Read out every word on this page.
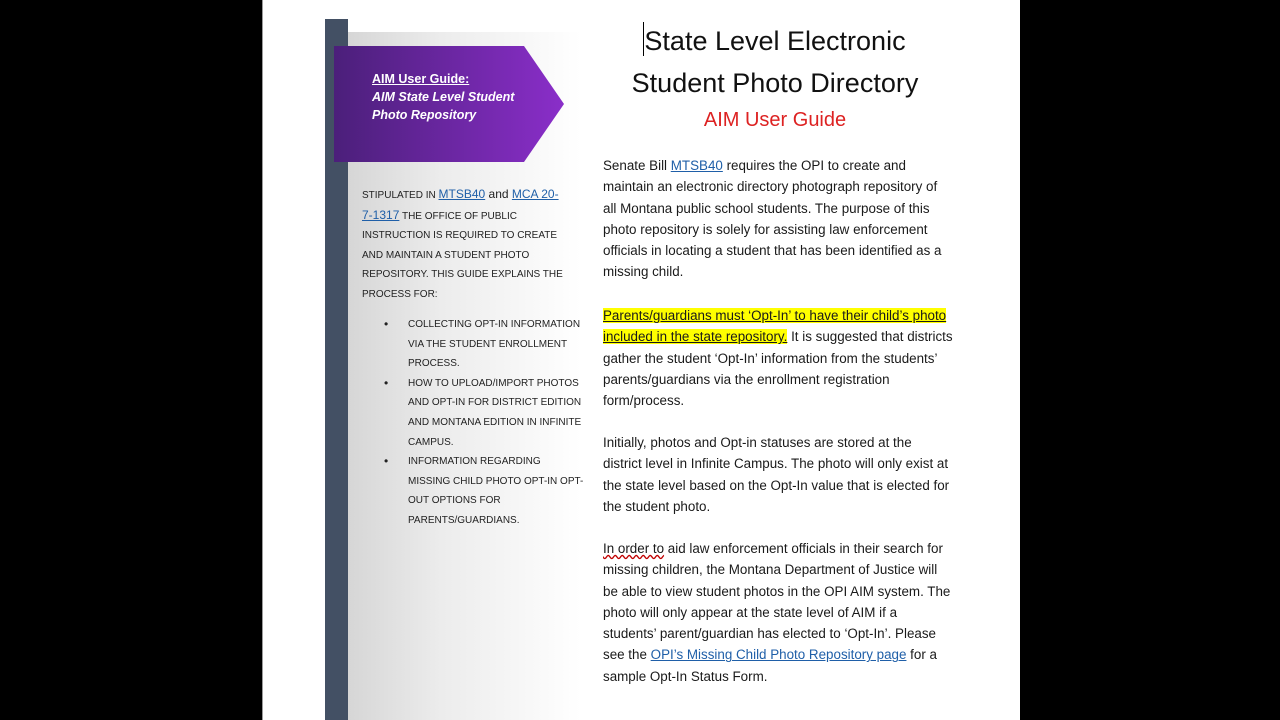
AIM User Guide:
AIM State Level Student Photo Repository
STIPULATED IN MTSB40 and MCA 20-7-1317 THE OFFICE OF PUBLIC INSTRUCTION IS REQUIRED TO CREATE AND MAINTAIN A STUDENT PHOTO REPOSITORY. THIS GUIDE EXPLAINS THE PROCESS FOR:
• COLLECTING OPT-IN INFORMATION VIA THE STUDENT ENROLLMENT PROCESS.
• HOW TO UPLOAD/IMPORT PHOTOS AND OPT-IN FOR DISTRICT EDITION AND MONTANA EDITION IN INFINITE CAMPUS.
• INFORMATION REGARDING MISSING CHILD PHOTO OPT-IN OPT-OUT OPTIONS FOR PARENTS/GUARDIANS.
State Level Electronic Student Photo Directory
AIM User Guide
Senate Bill MTSB40 requires the OPI to create and maintain an electronic directory photograph repository of all Montana public school students. The purpose of this photo repository is solely for assisting law enforcement officials in locating a student that has been identified as a missing child.
Parents/guardians must ‘Opt-In’ to have their child’s photo included in the state repository. It is suggested that districts gather the student ‘Opt-In’ information from the students’ parents/guardians via the enrollment registration form/process.
Initially, photos and Opt-in statuses are stored at the district level in Infinite Campus. The photo will only exist at the state level based on the Opt-In value that is elected for the student photo.
In order to aid law enforcement officials in their search for missing children, the Montana Department of Justice will be able to view student photos in the OPI AIM system. The photo will only appear at the state level of AIM if a students’ parent/guardian has elected to ‘Opt-In’. Please see the OPI’s Missing Child Photo Repository page for a sample Opt-In Status Form.
